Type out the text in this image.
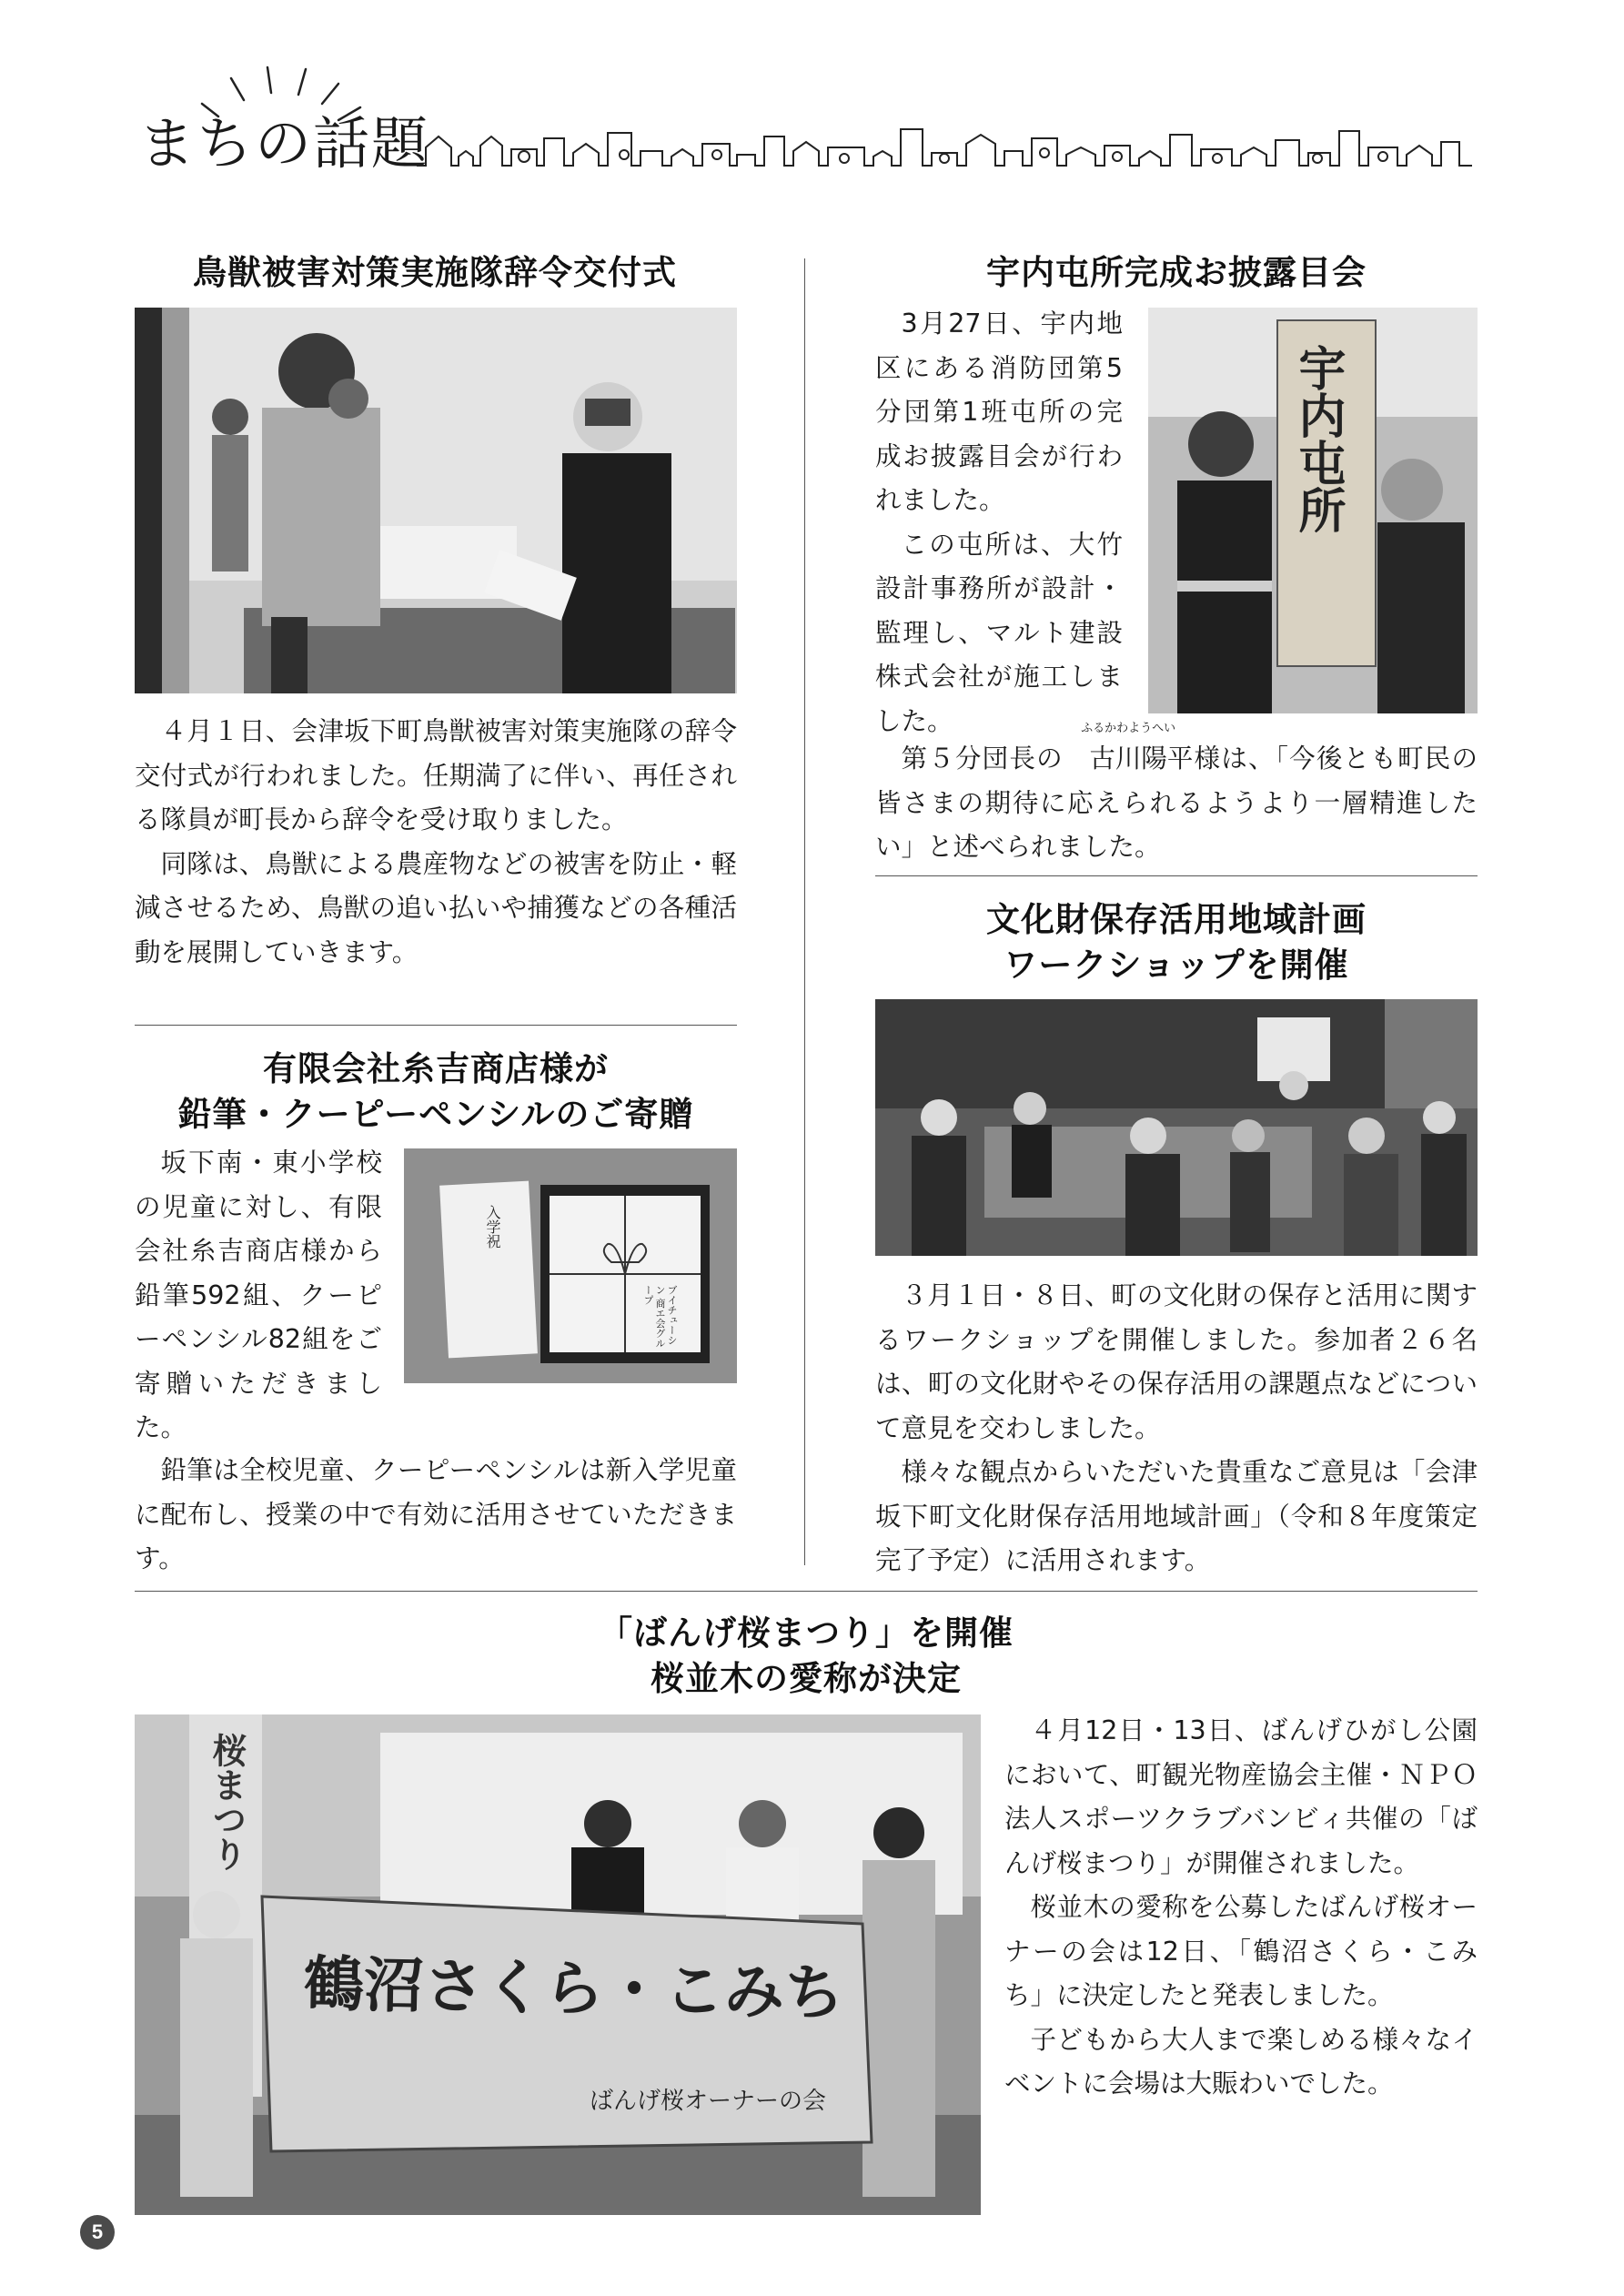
まちの話題
鳥獣被害対策実施隊辞令交付式

４月１日、会津坂下町鳥獣被害対策実施隊の辞令交付式が行われました。任期満了に伴い、再任される隊員が町長から辞令を受け取りました。

同隊は、鳥獣による農産物などの被害を防止・軽減させるため、鳥獣の追い払いや捕獲などの各種活動を展開していきます。

有限会社糸吉商店様が
鉛筆・クーピーペンシルのご寄贈

坂下南・東小学校の児童に対し、有限会社糸吉商店様から鉛筆592組、クーピーペンシル82組をご寄贈いただきました。

入学祝
ブイチューシン 商エ会グループ

鉛筆は全校児童、クーピーペンシルは新入学児童に配布し、授業の中で有効に活用させていただきます。

宇内屯所完成お披露目会

3月27日、宇内地区にある消防団第5分団第1班屯所の完成お披露目会が行われました。

この屯所は、大竹設計事務所が設計・監理し、マルト建設株式会社が施工しました。

宇内屯所

第５分団長の
ふるかわようへい
古川陽平様は、「今後とも町民の皆さまの期待に応えられるようより一層精進したい」と述べられました。

文化財保存活用地域計画
ワークショップを開催

３月１日・８日、町の文化財の保存と活用に関するワークショップを開催しました。参加者２６名は、町の文化財やその保存活用の課題点などについて意見を交わしました。

様々な観点からいただいた貴重なご意見は「会津坂下町文化財保存活用地域計画」（令和８年度策定完了予定）に活用されます。

「ばんげ桜まつり」を開催
桜並木の愛称が決定
桜まつり
鶴沼さくら・こみち
ばんげ桜オーナーの会

４月12日・13日、ばんげひがし公園において、町観光物産協会主催・ＮＰＯ法人スポーツクラブバンビィ共催の「ばんげ桜まつり」が開催されました。

桜並木の愛称を公募したばんげ桜オーナーの会は12日、「鶴沼さくら・こみち」に決定したと発表しました。

子どもから大人まで楽しめる様々なイベントに会場は大賑わいでした。

5
